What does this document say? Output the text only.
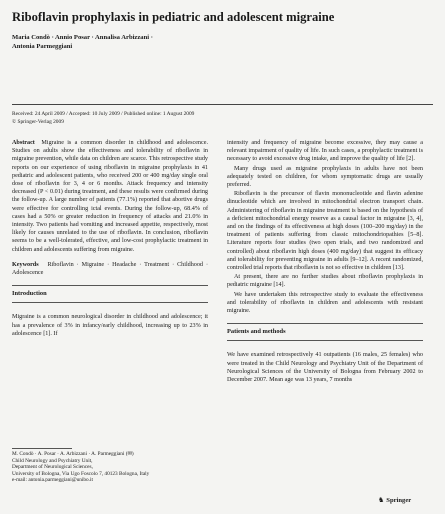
Riboflavin prophylaxis in pediatric and adolescent migraine
Maria Condò · Annio Posar · Annalisa Arbizzani ·
Antonia Parmeggiani
Received: 24 April 2009 / Accepted: 10 July 2009 / Published online: 1 August 2009
© Springer-Verlag 2009

Abstract Migraine is a common disorder in childhood and adolescence. Studies on adults show the effectiveness and tolerability of riboflavin in migraine prevention, while data on children are scarce. This retrospective study reports on our experience of using riboflavin in migraine prophylaxis in 41 pediatric and adolescent patients, who received 200 or 400 mg/day single oral dose of riboflavin for 3, 4 or 6 months. Attack frequency and intensity decreased (P < 0.01) during treatment, and these results were confirmed during the follow-up. A large number of patients (77.1%) reported that abortive drugs were effective for controlling ictal events. During the follow-up, 68.4% of cases had a 50% or greater reduction in frequency of attacks and 21.0% in intensity. Two patients had vomiting and increased appetite, respectively, most likely for causes unrelated to the use of riboflavin. In conclusion, riboflavin seems to be a well-tolerated, effective, and low-cost prophylactic treatment in children and adolescents suffering from migraine.

Keywords Riboflavin · Migraine · Headache · Treatment · Childhood · Adolescence

Introduction

Migraine is a common neurological disorder in childhood and adolescence; it has a prevalence of 3% in infancy/early childhood, increasing up to 23% in adolescence [1]. If

intensity and frequency of migraine become excessive, they may cause a relevant impairment of quality of life. In such cases, a prophylactic treatment is necessary to avoid excessive drug intake, and improve the quality of life [2].

Many drugs used as migraine prophylaxis in adults have not been adequately tested on children, for whom symptomatic drugs are usually preferred.

Riboflavin is the precursor of flavin mononucleotide and flavin adenine dinucleotide which are involved in mitochondrial electron transport chain. Administering of riboflavin in migraine treatment is based on the hypothesis of a deficient mitochondrial energy reserve as a causal factor in migraine [3, 4], and on the findings of its effectiveness at high doses (100–200 mg/day) in the treatment of patients suffering from classic mitochondriopathies [5–8]. Literature reports four studies (two open trials, and two randomized and controlled) about riboflavin high doses (400 mg/day) that suggest its efficacy and tolerability for preventing migraine in adults [9–12]. A recent randomized, controlled trial reports that riboflavin is not so effective in children [13].

At present, there are no further studies about riboflavin prophylaxis in pediatric migraine [14].

We have undertaken this retrospective study to evaluate the effectiveness and tolerability of riboflavin in children and adolescents with resistant migraine.

Patients and methods

We have examined retrospectively 41 outpatients (16 males, 25 females) who were treated in the Child Neurology and Psychiatry Unit of the Department of Neurological Sciences of the University of Bologna from February 2002 to December 2007. Mean age was 13 years, 7 months

M. Condò · A. Posar · A. Arbizzani · A. Parmeggiani (✉)
Child Neurology and Psychiatry Unit,
Department of Neurological Sciences,
University of Bologna, Via Ugo Foscolo 7, 40123 Bologna, Italy
e-mail: antonia.parmeggiani@unibo.it
♞ Springer
